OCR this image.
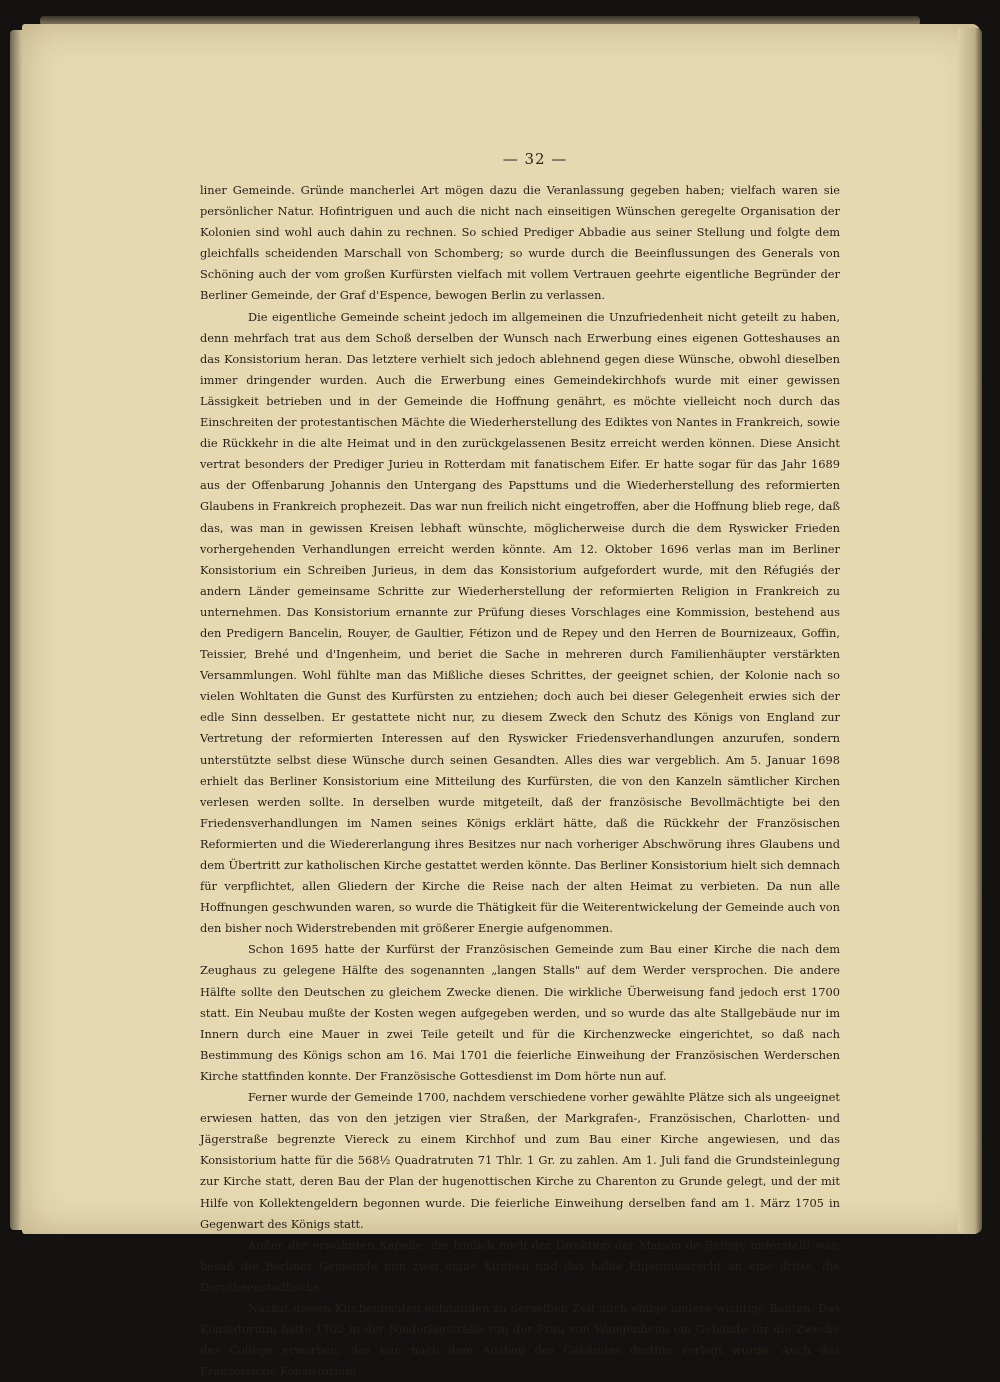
— 32 —

liner Gemeinde. Gründe mancherlei Art mögen dazu die Veranlassung gegeben haben; vielfach waren sie persönlicher Natur. Hofintriguen und auch die nicht nach einseitigen Wünschen geregelte Organisation der Kolonien sind wohl auch dahin zu rechnen. So schied Prediger Abbadie aus seiner Stellung und folgte dem gleichfalls scheidenden Marschall von Schomberg; so wurde durch die Beeinflussungen des Generals von Schöning auch der vom großen Kurfürsten vielfach mit vollem Vertrauen geehrte eigentliche Begründer der Berliner Gemeinde, der Graf d'Espence, bewogen Berlin zu verlassen.

Die eigentliche Gemeinde scheint jedoch im allgemeinen die Unzufriedenheit nicht geteilt zu haben, denn mehrfach trat aus dem Schoß derselben der Wunsch nach Erwerbung eines eigenen Gotteshauses an das Konsistorium heran. Das letztere verhielt sich jedoch ablehnend gegen diese Wünsche, obwohl dieselben immer dringender wurden. Auch die Erwerbung eines Gemeindekirchhofs wurde mit einer gewissen Lässigkeit betrieben und in der Gemeinde die Hoffnung genährt, es möchte vielleicht noch durch das Einschreiten der protestantischen Mächte die Wiederherstellung des Ediktes von Nantes in Frankreich, sowie die Rückkehr in die alte Heimat und in den zurückgelassenen Besitz erreicht werden können. Diese Ansicht vertrat besonders der Prediger Jurieu in Rotterdam mit fanatischem Eifer. Er hatte sogar für das Jahr 1689 aus der Offenbarung Johannis den Untergang des Papsttums und die Wiederherstellung des reformierten Glaubens in Frankreich prophezeit. Das war nun freilich nicht eingetroffen, aber die Hoffnung blieb rege, daß das, was man in gewissen Kreisen lebhaft wünschte, möglicherweise durch die dem Ryswicker Frieden vorhergehenden Verhandlungen erreicht werden könnte. Am 12. Oktober 1696 verlas man im Berliner Konsistorium ein Schreiben Jurieus, in dem das Konsistorium aufgefordert wurde, mit den Réfugiés der andern Länder gemeinsame Schritte zur Wiederherstellung der reformierten Religion in Frankreich zu unternehmen. Das Konsistorium ernannte zur Prüfung dieses Vorschlages eine Kommission, bestehend aus den Predigern Bancelin, Rouyer, de Gaultier, Fétizon und de Repey und den Herren de Bournizeaux, Goffin, Teissier, Brehé und d'Ingenheim, und beriet die Sache in mehreren durch Familienhäupter verstärkten Versammlungen. Wohl fühlte man das Mißliche dieses Schrittes, der geeignet schien, der Kolonie nach so vielen Wohltaten die Gunst des Kurfürsten zu entziehen; doch auch bei dieser Gelegenheit erwies sich der edle Sinn desselben. Er gestattete nicht nur, zu diesem Zweck den Schutz des Königs von England zur Vertretung der reformierten Interessen auf den Ryswicker Friedensverhandlungen anzurufen, sondern unterstützte selbst diese Wünsche durch seinen Gesandten. Alles dies war vergeblich. Am 5. Januar 1698 erhielt das Berliner Konsistorium eine Mitteilung des Kurfürsten, die von den Kanzeln sämtlicher Kirchen verlesen werden sollte. In derselben wurde mitgeteilt, daß der französische Bevollmächtigte bei den Friedensverhandlungen im Namen seines Königs erklärt hätte, daß die Rückkehr der Französischen Reformierten und die Wiedererlangung ihres Besitzes nur nach vorheriger Abschwörung ihres Glaubens und dem Übertritt zur katholischen Kirche gestattet werden könnte. Das Berliner Konsistorium hielt sich demnach für verpflichtet, allen Gliedern der Kirche die Reise nach der alten Heimat zu verbieten. Da nun alle Hoffnungen geschwunden waren, so wurde die Thätigkeit für die Weiterentwickelung der Gemeinde auch von den bisher noch Widerstrebenden mit größerer Energie aufgenommen.

Schon 1695 hatte der Kurfürst der Französischen Gemeinde zum Bau einer Kirche die nach dem Zeughaus zu gelegene Hälfte des sogenannten „langen Stalls" auf dem Werder versprochen. Die andere Hälfte sollte den Deutschen zu gleichem Zwecke dienen. Die wirkliche Überweisung fand jedoch erst 1700 statt. Ein Neubau mußte der Kosten wegen aufgegeben werden, und so wurde das alte Stallgebäude nur im Innern durch eine Mauer in zwei Teile geteilt und für die Kirchenzwecke eingerichtet, so daß nach Bestimmung des Königs schon am 16. Mai 1701 die feierliche Einweihung der Französischen Werderschen Kirche stattfinden konnte. Der Französische Gottesdienst im Dom hörte nun auf.

Ferner wurde der Gemeinde 1700, nachdem verschiedene vorher gewählte Plätze sich als ungeeignet erwiesen hatten, das von den jetzigen vier Straßen, der Markgrafen-, Französischen, Charlotten- und Jägerstraße begrenzte Viereck zu einem Kirchhof und zum Bau einer Kirche angewiesen, und das Konsistorium hatte für die 568½ Quadratruten 71 Thlr. 1 Gr. zu zahlen. Am 1. Juli fand die Grundsteinlegung zur Kirche statt, deren Bau der Plan der hugenottischen Kirche zu Charenton zu Grunde gelegt, und der mit Hilfe von Kollektengeldern begonnen wurde. Die feierliche Einweihung derselben fand am 1. März 1705 in Gegenwart des Königs statt.

Außer der erwähnten Kapelle, die freilich noch der Direktion der Maison de Refuge unterstellt war, besaß die Berliner Gemeinde nun zwei eigne Kirchen und das halbe Eigentumsrecht an eine dritte, die Dorotheenstädtische.

Nächst diesen Kirchenbauten entstanden zu derselben Zeit auch einige andere wichtige Bauten. Das Konsistorium hatte 1702 in der Niederlagstraße von der Frau von Wangenheim ein Gebäude für die Zwecke des Collège erworben, das nun nach dem Ausbau des Gebäudes dorthin verlegt wurde. Auch das Französische Konsistorium
